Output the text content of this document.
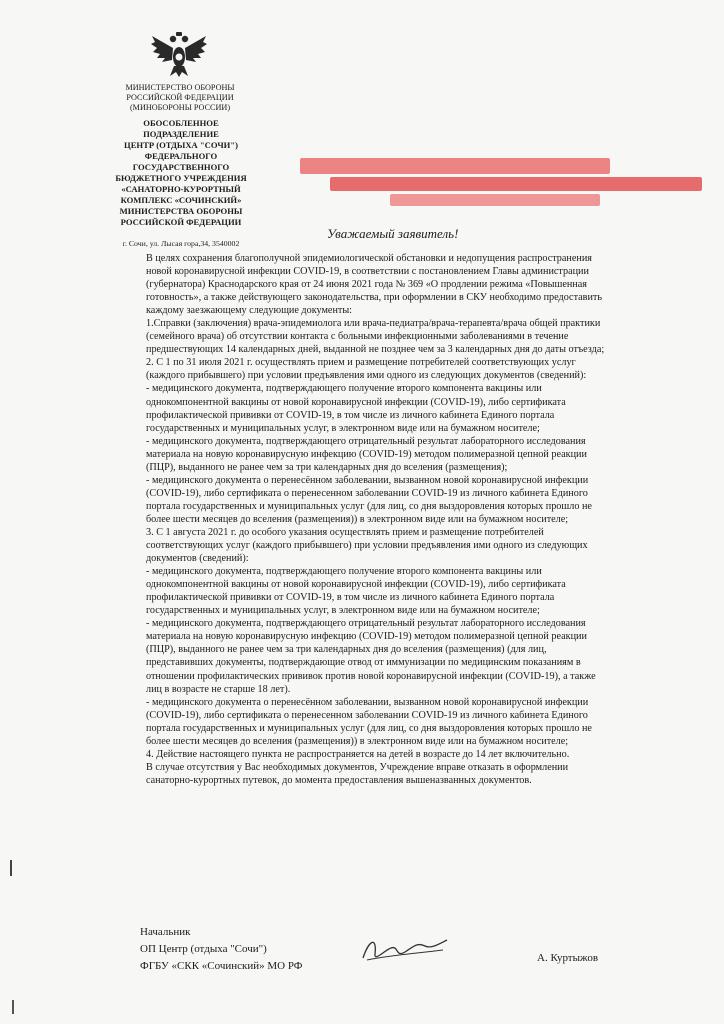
МИНИСТЕРСТВО ОБОРОНЫ РОССИЙСКОЙ ФЕДЕРАЦИИ (МИНОБОРОНЫ РОССИИ)
ОБОСОБЛЕННОЕ
ПОДРАЗДЕЛЕНИЕ
ЦЕНТР (ОТДЫХА "СОЧИ")
ФЕДЕРАЛЬНОГО
ГОСУДАРСТВЕННОГО
БЮДЖЕТНОГО УЧРЕЖДЕНИЯ
«САНАТОРНО-КУРОРТНЫЙ
КОМПЛЕКС «СОЧИНСКИЙ»
МИНИСТЕРСТВА ОБОРОНЫ
РОССИЙСКОЙ ФЕДЕРАЦИИ
г. Сочи, ул. Лысая гора,34, 3540002
Уважаемый заявитель!
В целях сохранения благополучной эпидемиологической обстановки и недопущения распространения
новой коронавирусной инфекции COVID-19, в соответствии с постановлением Главы администрации
(губернатора) Краснодарского края от 24 июня 2021 года № 369 «О продлении режима «Повышенная
готовность», а также действующего законодательства, при оформлении в СКУ необходимо предоставить
каждому заезжающему следующие документы:
1.Справки (заключения) врача-эпидемиолога или врача-педиатра/врача-терапевта/врача общей практики
(семейного врача) об отсутствии контакта с больными инфекционными заболеваниями в течение
предшествующих 14 календарных дней, выданной не позднее чем за 3 календарных дня до даты отъезда;
2. С 1 по 31 июля 2021 г. осуществлять прием и размещение потребителей соответствующих услуг
(каждого прибывшего) при условии предъявления ими одного из следующих документов (сведений):
- медицинского документа, подтверждающего получение второго компонента вакцины или
однокомпонентной вакцины от новой коронавирусной инфекции (COVID-19), либо сертификата
профилактической прививки от COVID-19, в том числе из личного кабинета Единого портала
государственных и муниципальных услуг, в электронном виде или на бумажном носителе;
- медицинского документа, подтверждающего отрицательный результат лабораторного исследования
материала на новую коронавирусную инфекцию (COVID-19) методом полимеразной цепной реакции
(ПЦР), выданного не ранее чем за три календарных дня до вселения (размещения);
- медицинского документа о перенесённом заболевании, вызванном новой коронавирусной инфекции
(COVID-19), либо сертификата о перенесенном заболевании COVID-19 из личного кабинета Единого
портала государственных и муниципальных услуг (для лиц, со дня выздоровления которых прошло не
более шести месяцев до вселения (размещения)) в электронном виде или на бумажном носителе;
3. С 1 августа 2021 г. до особого указания осуществлять прием и размещение потребителей
соответствующих услуг (каждого прибывшего) при условии предъявления ими одного из следующих
документов (сведений):
- медицинского документа, подтверждающего получение второго компонента вакцины или
однокомпонентной вакцины от новой коронавирусной инфекции (COVID-19), либо сертификата
профилактической прививки от COVID-19, в том числе из личного кабинета Единого портала
государственных и муниципальных услуг, в электронном виде или на бумажном носителе;
- медицинского документа, подтверждающего отрицательный результат лабораторного исследования
материала на новую коронавирусную инфекцию (COVID-19) методом полимеразной цепной реакции
(ПЦР), выданного не ранее чем за три календарных дня до вселения (размещения) (для лиц,
представивших документы, подтверждающие отвод от иммунизации по медицинским показаниям в
отношении профилактических прививок против новой коронавирусной инфекции (COVID-19), а также
лиц в возрасте не старше 18 лет).
- медицинского документа о перенесённом заболевании, вызванном новой коронавирусной инфекции
(COVID-19), либо сертификата о перенесенном заболевании COVID-19 из личного кабинета Единого
портала государственных и муниципальных услуг (для лиц, со дня выздоровления которых прошло не
более шести месяцев до вселения (размещения)) в электронном виде или на бумажном носителе;
4. Действие настоящего пункта не распространяется на детей в возрасте до 14 лет включительно.
В случае отсутствия у Вас необходимых документов, Учреждение вправе отказать в оформлении
санаторно-курортных путевок, до момента предоставления вышеназванных документов.
Начальник
ОП Центр (отдыха "Сочи")
ФГБУ «СКК «Сочинский» МО РФ
А. Куртыжов
